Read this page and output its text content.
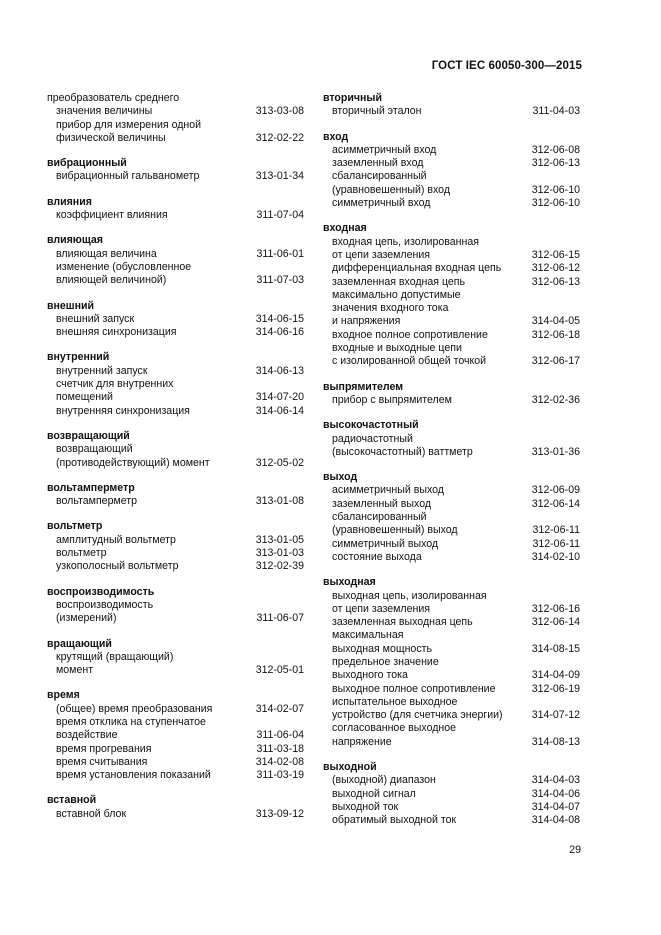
ГОСТ IEC 60050-300—2015
преобразователь среднего
значения величины	313-03-08
прибор для измерения одной
физической величины	312-02-22
вибрационный
вибрационный гальванометр	313-01-34
влияния
коэффициент влияния	311-07-04
влияющая
влияющая величина	311-06-01
изменение (обусловленное
влияющей величиной)	311-07-03
внешний
внешний запуск	314-06-15
внешняя синхронизация	314-06-16
внутренний
внутренний запуск	314-06-13
счетчик для внутренних
помещений	314-07-20
внутренняя синхронизация	314-06-14
возвращающий
возвращающий
(противодействующий) момент	312-05-02
вольтамперметр
вольтамперметр	313-01-08
вольтметр
амплитудный вольтметр	313-01-05
вольтметр	313-01-03
узкополосный вольтметр	312-02-39
воспроизводимость
воспроизводимость
(измерений)	311-06-07
вращающий
крутящий (вращающий)
момент	312-05-01
время
(общее) время преобразования	314-02-07
время отклика на ступенчатое
воздействие	311-06-04
время прогревания	311-03-18
время считывания	314-02-08
время установления показаний	311-03-19
вставной
вставной блок	313-09-12
вторичный
вторичный эталон	311-04-03
вход
асимметричный вход	312-06-08
заземленный вход	312-06-13
сбалансированный
(уравновешенный) вход	312-06-10
симметричный вход	312-06-10
входная
входная цепь, изолированная
от цепи заземления	312-06-15
дифференциальная входная цепь	312-06-12
заземленная входная цепь	312-06-13
максимально допустимые
значения входного тока
и напряжения	314-04-05
входное полное сопротивление	312-06-18
входные и выходные цепи
с изолированной общей точкой	312-06-17
выпрямителем
прибор с выпрямителем	312-02-36
высокочастотный
радиочастотный
(высокочастотный) ваттметр	313-01-36
выход
асимметричный выход	312-06-09
заземленный выход	312-06-14
сбалансированный
(уравновешенный) выход	312-06-11
симметричный выход	312-06-11
состояние выхода	314-02-10
выходная
выходная цепь, изолированная
от цепи заземления	312-06-16
заземленная выходная цепь	312-06-14
максимальная
выходная мощность	314-08-15
предельное значение
выходного тока	314-04-09
выходное полное сопротивление	312-06-19
испытательное выходное
устройство (для счетчика энергии)	314-07-12
согласованное выходное
напряжение	314-08-13
выходной
(выходной) диапазон	314-04-03
выходной сигнал	314-04-06
выходной ток	314-04-07
обратимый выходной ток	314-04-08
29
